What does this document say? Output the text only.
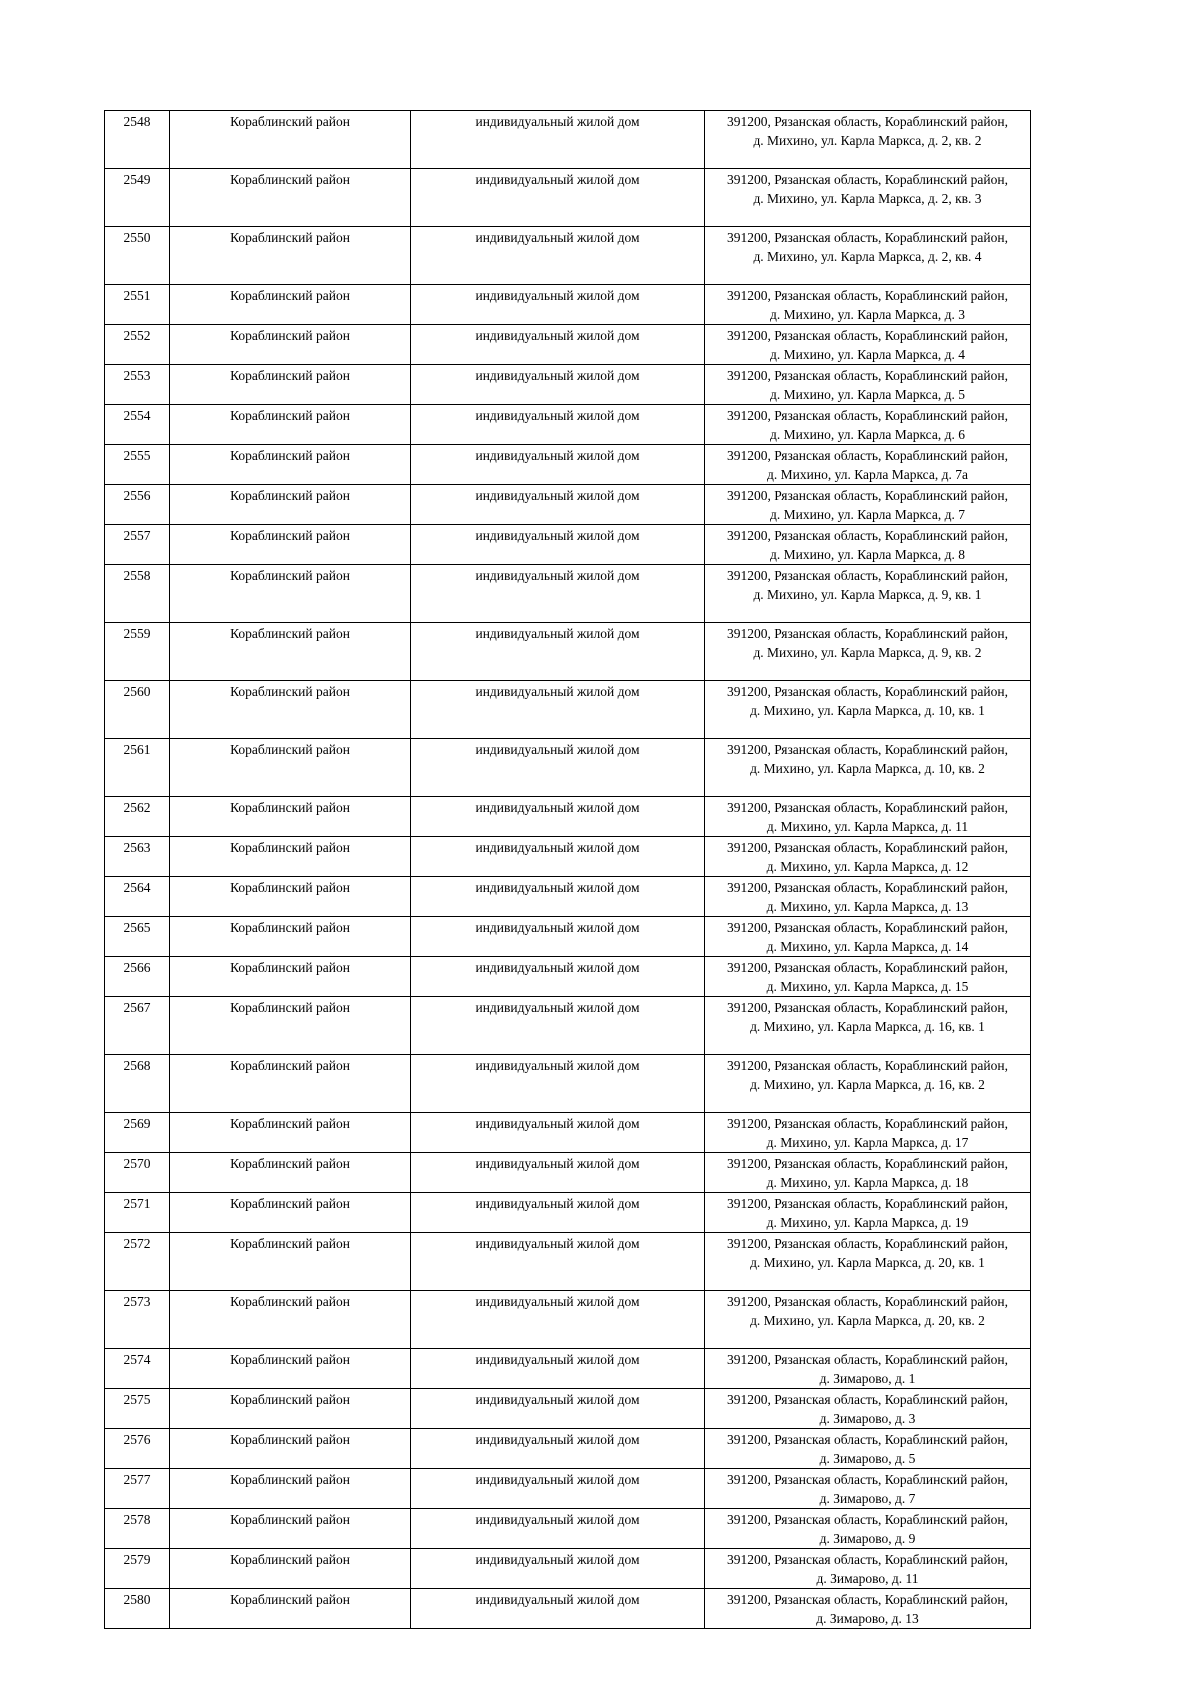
2548	Кораблинский район	индивидуальный жилой дом	391200, Рязанская область, Кораблинский район,
д. Михино, ул. Карла Маркса, д. 2, кв. 2
2549	Кораблинский район	индивидуальный жилой дом	391200, Рязанская область, Кораблинский район,
д. Михино, ул. Карла Маркса, д. 2, кв. 3
2550	Кораблинский район	индивидуальный жилой дом	391200, Рязанская область, Кораблинский район,
д. Михино, ул. Карла Маркса, д. 2, кв. 4
2551	Кораблинский район	индивидуальный жилой дом	391200, Рязанская область, Кораблинский район,
д. Михино, ул. Карла Маркса, д. 3
2552	Кораблинский район	индивидуальный жилой дом	391200, Рязанская область, Кораблинский район,
д. Михино, ул. Карла Маркса, д. 4
2553	Кораблинский район	индивидуальный жилой дом	391200, Рязанская область, Кораблинский район,
д. Михино, ул. Карла Маркса, д. 5
2554	Кораблинский район	индивидуальный жилой дом	391200, Рязанская область, Кораблинский район,
д. Михино, ул. Карла Маркса, д. 6
2555	Кораблинский район	индивидуальный жилой дом	391200, Рязанская область, Кораблинский район,
д. Михино, ул. Карла Маркса, д. 7а
2556	Кораблинский район	индивидуальный жилой дом	391200, Рязанская область, Кораблинский район,
д. Михино, ул. Карла Маркса, д. 7
2557	Кораблинский район	индивидуальный жилой дом	391200, Рязанская область, Кораблинский район,
д. Михино, ул. Карла Маркса, д. 8
2558	Кораблинский район	индивидуальный жилой дом	391200, Рязанская область, Кораблинский район,
д. Михино, ул. Карла Маркса, д. 9, кв. 1
2559	Кораблинский район	индивидуальный жилой дом	391200, Рязанская область, Кораблинский район,
д. Михино, ул. Карла Маркса, д. 9, кв. 2
2560	Кораблинский район	индивидуальный жилой дом	391200, Рязанская область, Кораблинский район,
д. Михино, ул. Карла Маркса, д. 10, кв. 1
2561	Кораблинский район	индивидуальный жилой дом	391200, Рязанская область, Кораблинский район,
д. Михино, ул. Карла Маркса, д. 10, кв. 2
2562	Кораблинский район	индивидуальный жилой дом	391200, Рязанская область, Кораблинский район,
д. Михино, ул. Карла Маркса, д. 11
2563	Кораблинский район	индивидуальный жилой дом	391200, Рязанская область, Кораблинский район,
д. Михино, ул. Карла Маркса, д. 12
2564	Кораблинский район	индивидуальный жилой дом	391200, Рязанская область, Кораблинский район,
д. Михино, ул. Карла Маркса, д. 13
2565	Кораблинский район	индивидуальный жилой дом	391200, Рязанская область, Кораблинский район,
д. Михино, ул. Карла Маркса, д. 14
2566	Кораблинский район	индивидуальный жилой дом	391200, Рязанская область, Кораблинский район,
д. Михино, ул. Карла Маркса, д. 15
2567	Кораблинский район	индивидуальный жилой дом	391200, Рязанская область, Кораблинский район,
д. Михино, ул. Карла Маркса, д. 16, кв. 1
2568	Кораблинский район	индивидуальный жилой дом	391200, Рязанская область, Кораблинский район,
д. Михино, ул. Карла Маркса, д. 16, кв. 2
2569	Кораблинский район	индивидуальный жилой дом	391200, Рязанская область, Кораблинский район,
д. Михино, ул. Карла Маркса, д. 17
2570	Кораблинский район	индивидуальный жилой дом	391200, Рязанская область, Кораблинский район,
д. Михино, ул. Карла Маркса, д. 18
2571	Кораблинский район	индивидуальный жилой дом	391200, Рязанская область, Кораблинский район,
д. Михино, ул. Карла Маркса, д. 19
2572	Кораблинский район	индивидуальный жилой дом	391200, Рязанская область, Кораблинский район,
д. Михино, ул. Карла Маркса, д. 20, кв. 1
2573	Кораблинский район	индивидуальный жилой дом	391200, Рязанская область, Кораблинский район,
д. Михино, ул. Карла Маркса, д. 20, кв. 2
2574	Кораблинский район	индивидуальный жилой дом	391200, Рязанская область, Кораблинский район,
д. Зимарово, д. 1
2575	Кораблинский район	индивидуальный жилой дом	391200, Рязанская область, Кораблинский район,
д. Зимарово, д. 3
2576	Кораблинский район	индивидуальный жилой дом	391200, Рязанская область, Кораблинский район,
д. Зимарово, д. 5
2577	Кораблинский район	индивидуальный жилой дом	391200, Рязанская область, Кораблинский район,
д. Зимарово, д. 7
2578	Кораблинский район	индивидуальный жилой дом	391200, Рязанская область, Кораблинский район,
д. Зимарово, д. 9
2579	Кораблинский район	индивидуальный жилой дом	391200, Рязанская область, Кораблинский район,
д. Зимарово, д. 11
2580	Кораблинский район	индивидуальный жилой дом	391200, Рязанская область, Кораблинский район,
д. Зимарово, д. 13
